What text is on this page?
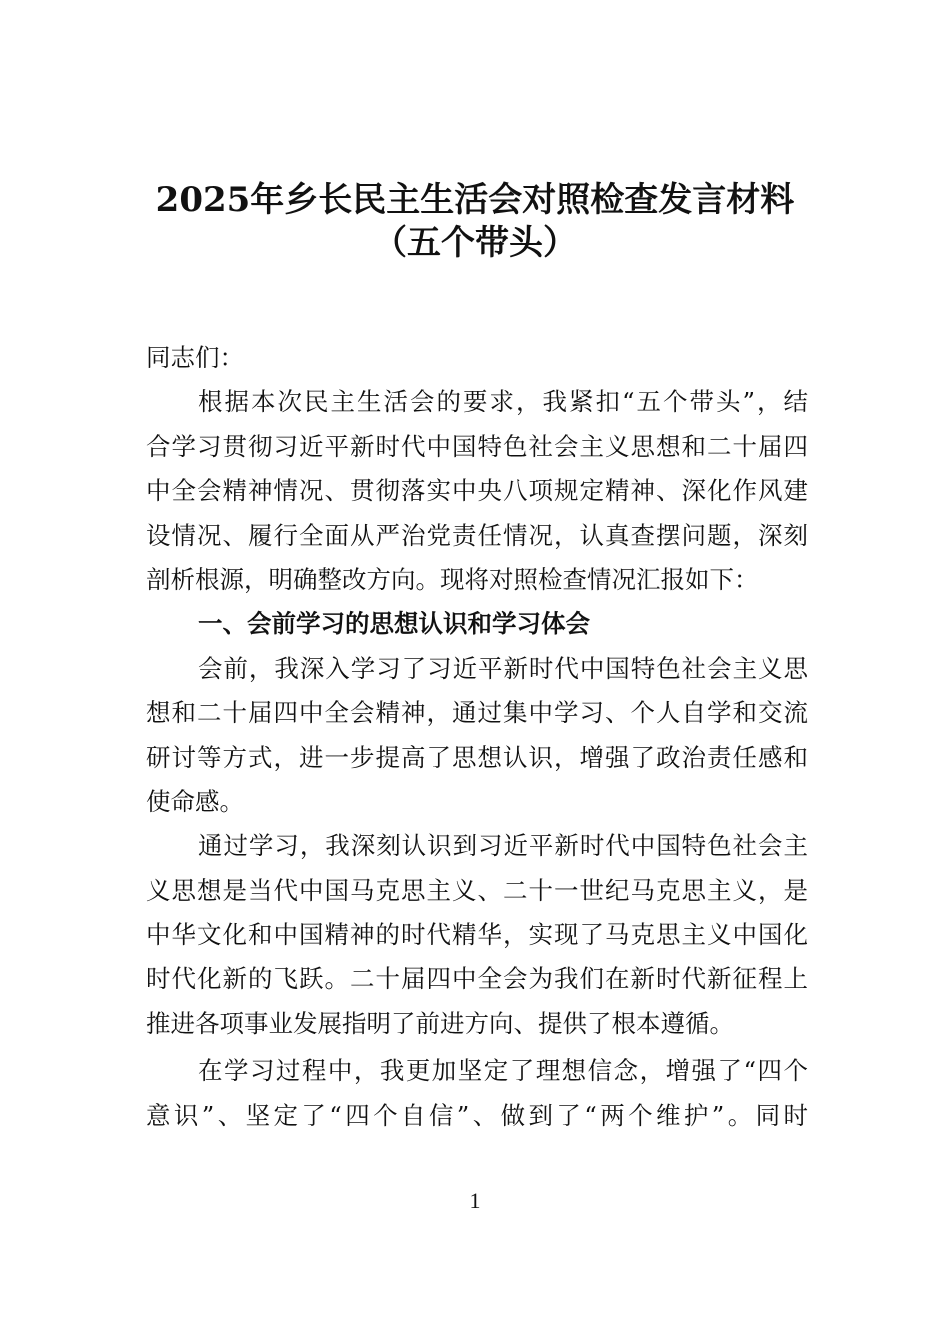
2025年乡长民主生活会对照检查发言材料
（五个带头）
同志们：
根据本次民主生活会的要求，我紧扣“五个带头”，结
合学习贯彻习近平新时代中国特色社会主义思想和二十届四
中全会精神情况、贯彻落实中央八项规定精神、深化作风建
设情况、履行全面从严治党责任情况，认真查摆问题，深刻
剖析根源，明确整改方向。现将对照检查情况汇报如下：
一、会前学习的思想认识和学习体会
会前，我深入学习了习近平新时代中国特色社会主义思
想和二十届四中全会精神，通过集中学习、个人自学和交流
研讨等方式，进一步提高了思想认识，增强了政治责任感和
使命感。
通过学习，我深刻认识到习近平新时代中国特色社会主
义思想是当代中国马克思主义、二十一世纪马克思主义，是
中华文化和中国精神的时代精华，实现了马克思主义中国化
时代化新的飞跃。二十届四中全会为我们在新时代新征程上
推进各项事业发展指明了前进方向、提供了根本遵循。
在学习过程中，我更加坚定了理想信念，增强了“四个
意识”、坚定了“四个自信”、做到了“两个维护”。同时
1
